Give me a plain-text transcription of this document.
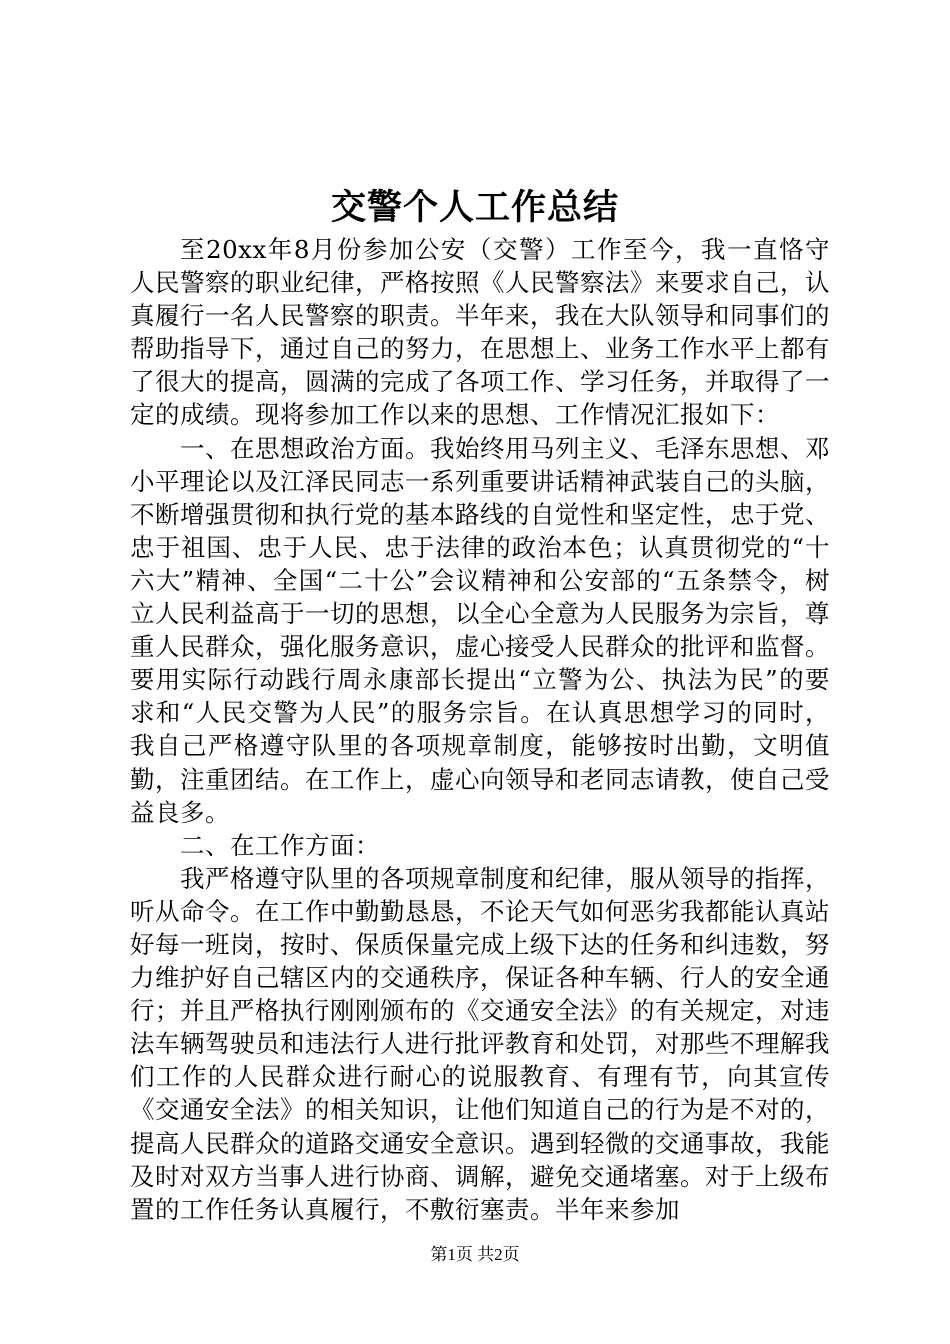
交警个人工作总结

至20xx年8月份参加公安（交警）工作至今，我一直恪守人民警察的职业纪律，严格按照《人民警察法》来要求自己，认真履行一名人民警察的职责。半年来，我在大队领导和同事们的帮助指导下，通过自己的努力，在思想上、业务工作水平上都有了很大的提高，圆满的完成了各项工作、学习任务，并取得了一定的成绩。现将参加工作以来的思想、工作情况汇报如下：

一、在思想政治方面。我始终用马列主义、毛泽东思想、邓小平理论以及江泽民同志一系列重要讲话精神武装自己的头脑，不断增强贯彻和执行党的基本路线的自觉性和坚定性，忠于党、忠于祖国、忠于人民、忠于法律的政治本色；认真贯彻党的“十六大”精神、全国“二十公”会议精神和公安部的“五条禁令，树立人民利益高于一切的思想，以全心全意为人民服务为宗旨，尊重人民群众，强化服务意识，虚心接受人民群众的批评和监督。要用实际行动践行周永康部长提出“立警为公、执法为民”的要求和“人民交警为人民”的服务宗旨。在认真思想学习的同时，我自己严格遵守队里的各项规章制度，能够按时出勤，文明值勤，注重团结。在工作上，虚心向领导和老同志请教，使自己受益良多。

二、在工作方面：

我严格遵守队里的各项规章制度和纪律，服从领导的指挥，听从命令。在工作中勤勤恳恳，不论天气如何恶劣我都能认真站好每一班岗，按时、保质保量完成上级下达的任务和纠违数，努力维护好自己辖区内的交通秩序，保证各种车辆、行人的安全通行；并且严格执行刚刚颁布的《交通安全法》的有关规定，对违法车辆驾驶员和违法行人进行批评教育和处罚，对那些不理解我们工作的人民群众进行耐心的说服教育、有理有节，向其宣传《交通安全法》的相关知识，让他们知道自己的行为是不对的，提高人民群众的道路交通安全意识。遇到轻微的交通事故，我能及时对双方当事人进行协商、调解，避免交通堵塞。对于上级布置的工作任务认真履行，不敷衍塞责。半年来参加

第1页 共2页
